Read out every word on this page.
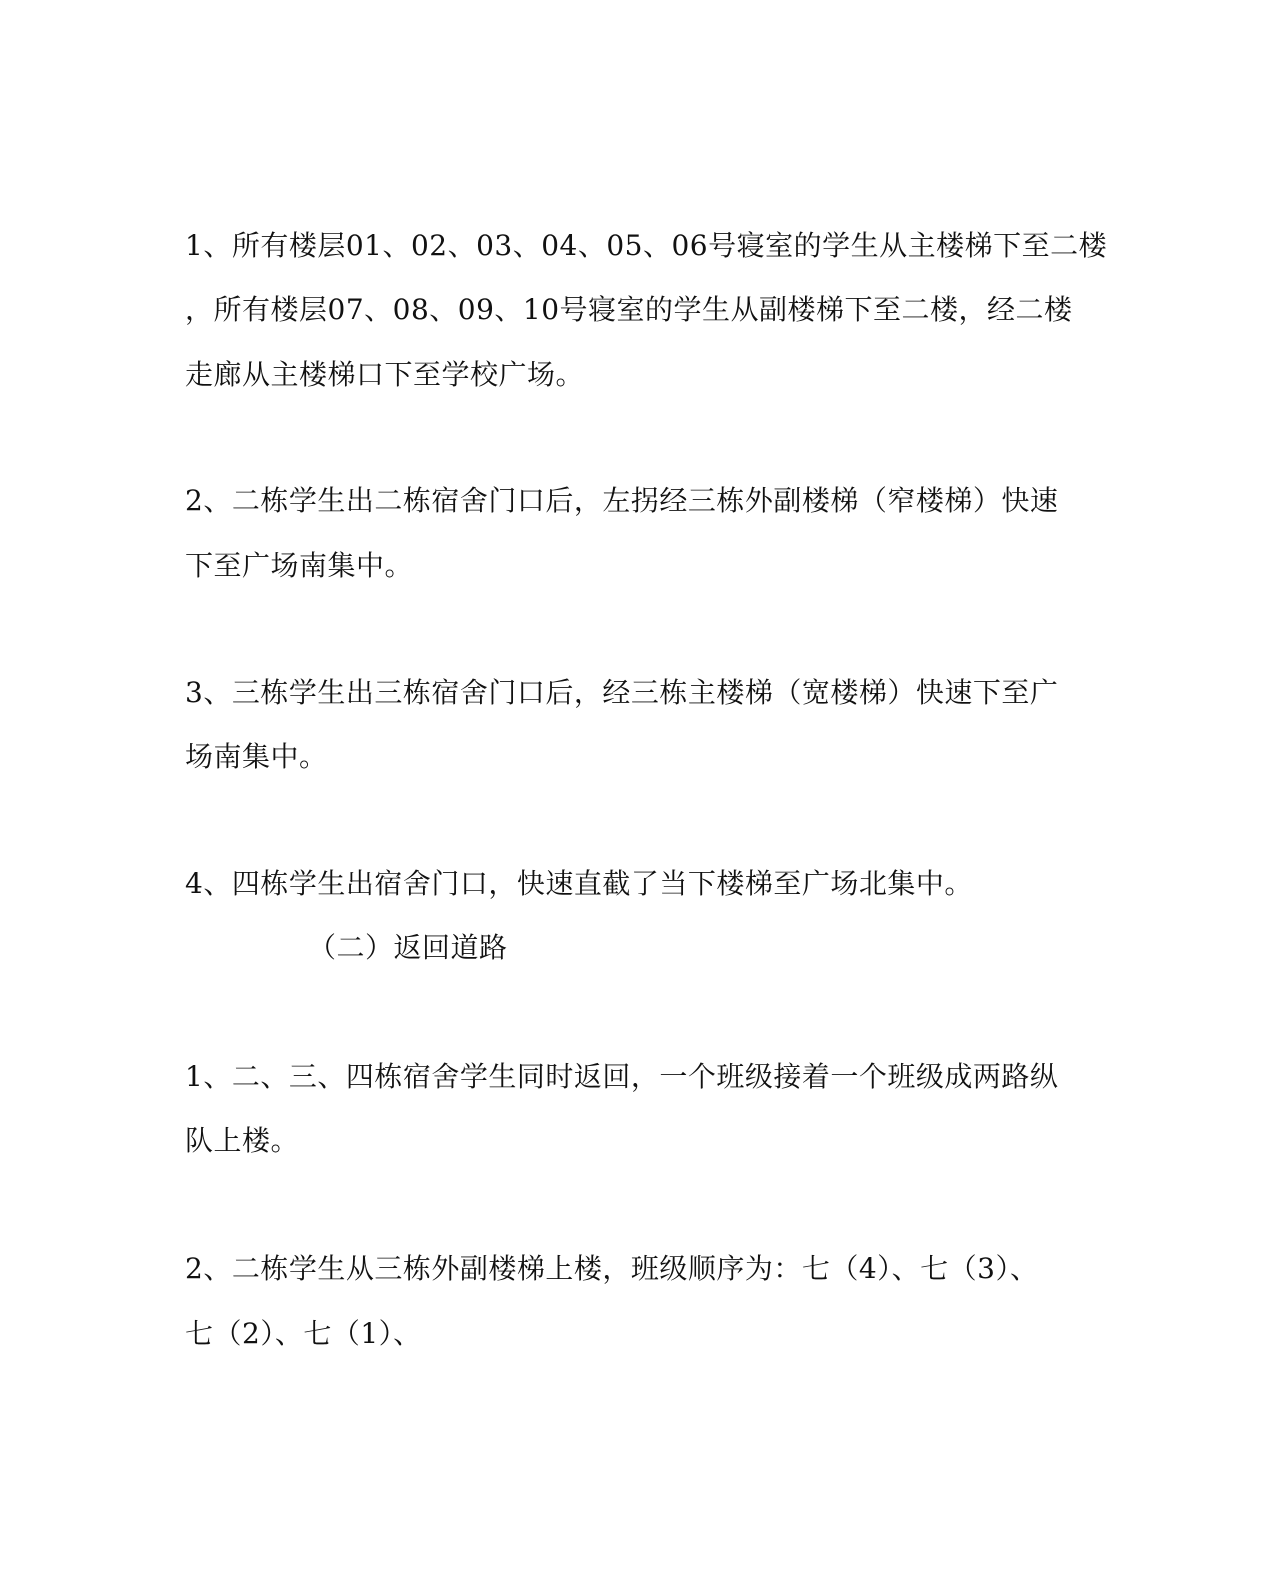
1、所有楼层01、02、03、04、05、06号寝室的学生从主楼梯下至二楼
，所有楼层07、08、09、10号寝室的学生从副楼梯下至二楼，经二楼
走廊从主楼梯口下至学校广场。
2、二栋学生出二栋宿舍门口后，左拐经三栋外副楼梯（窄楼梯）快速
下至广场南集中。
3、三栋学生出三栋宿舍门口后，经三栋主楼梯（宽楼梯）快速下至广
场南集中。
4、四栋学生出宿舍门口，快速直截了当下楼梯至广场北集中。
（二）返回道路
1、二、三、四栋宿舍学生同时返回，一个班级接着一个班级成两路纵
队上楼。
2、二栋学生从三栋外副楼梯上楼，班级顺序为：七（4）、七（3）、
七（2）、七（1）、
